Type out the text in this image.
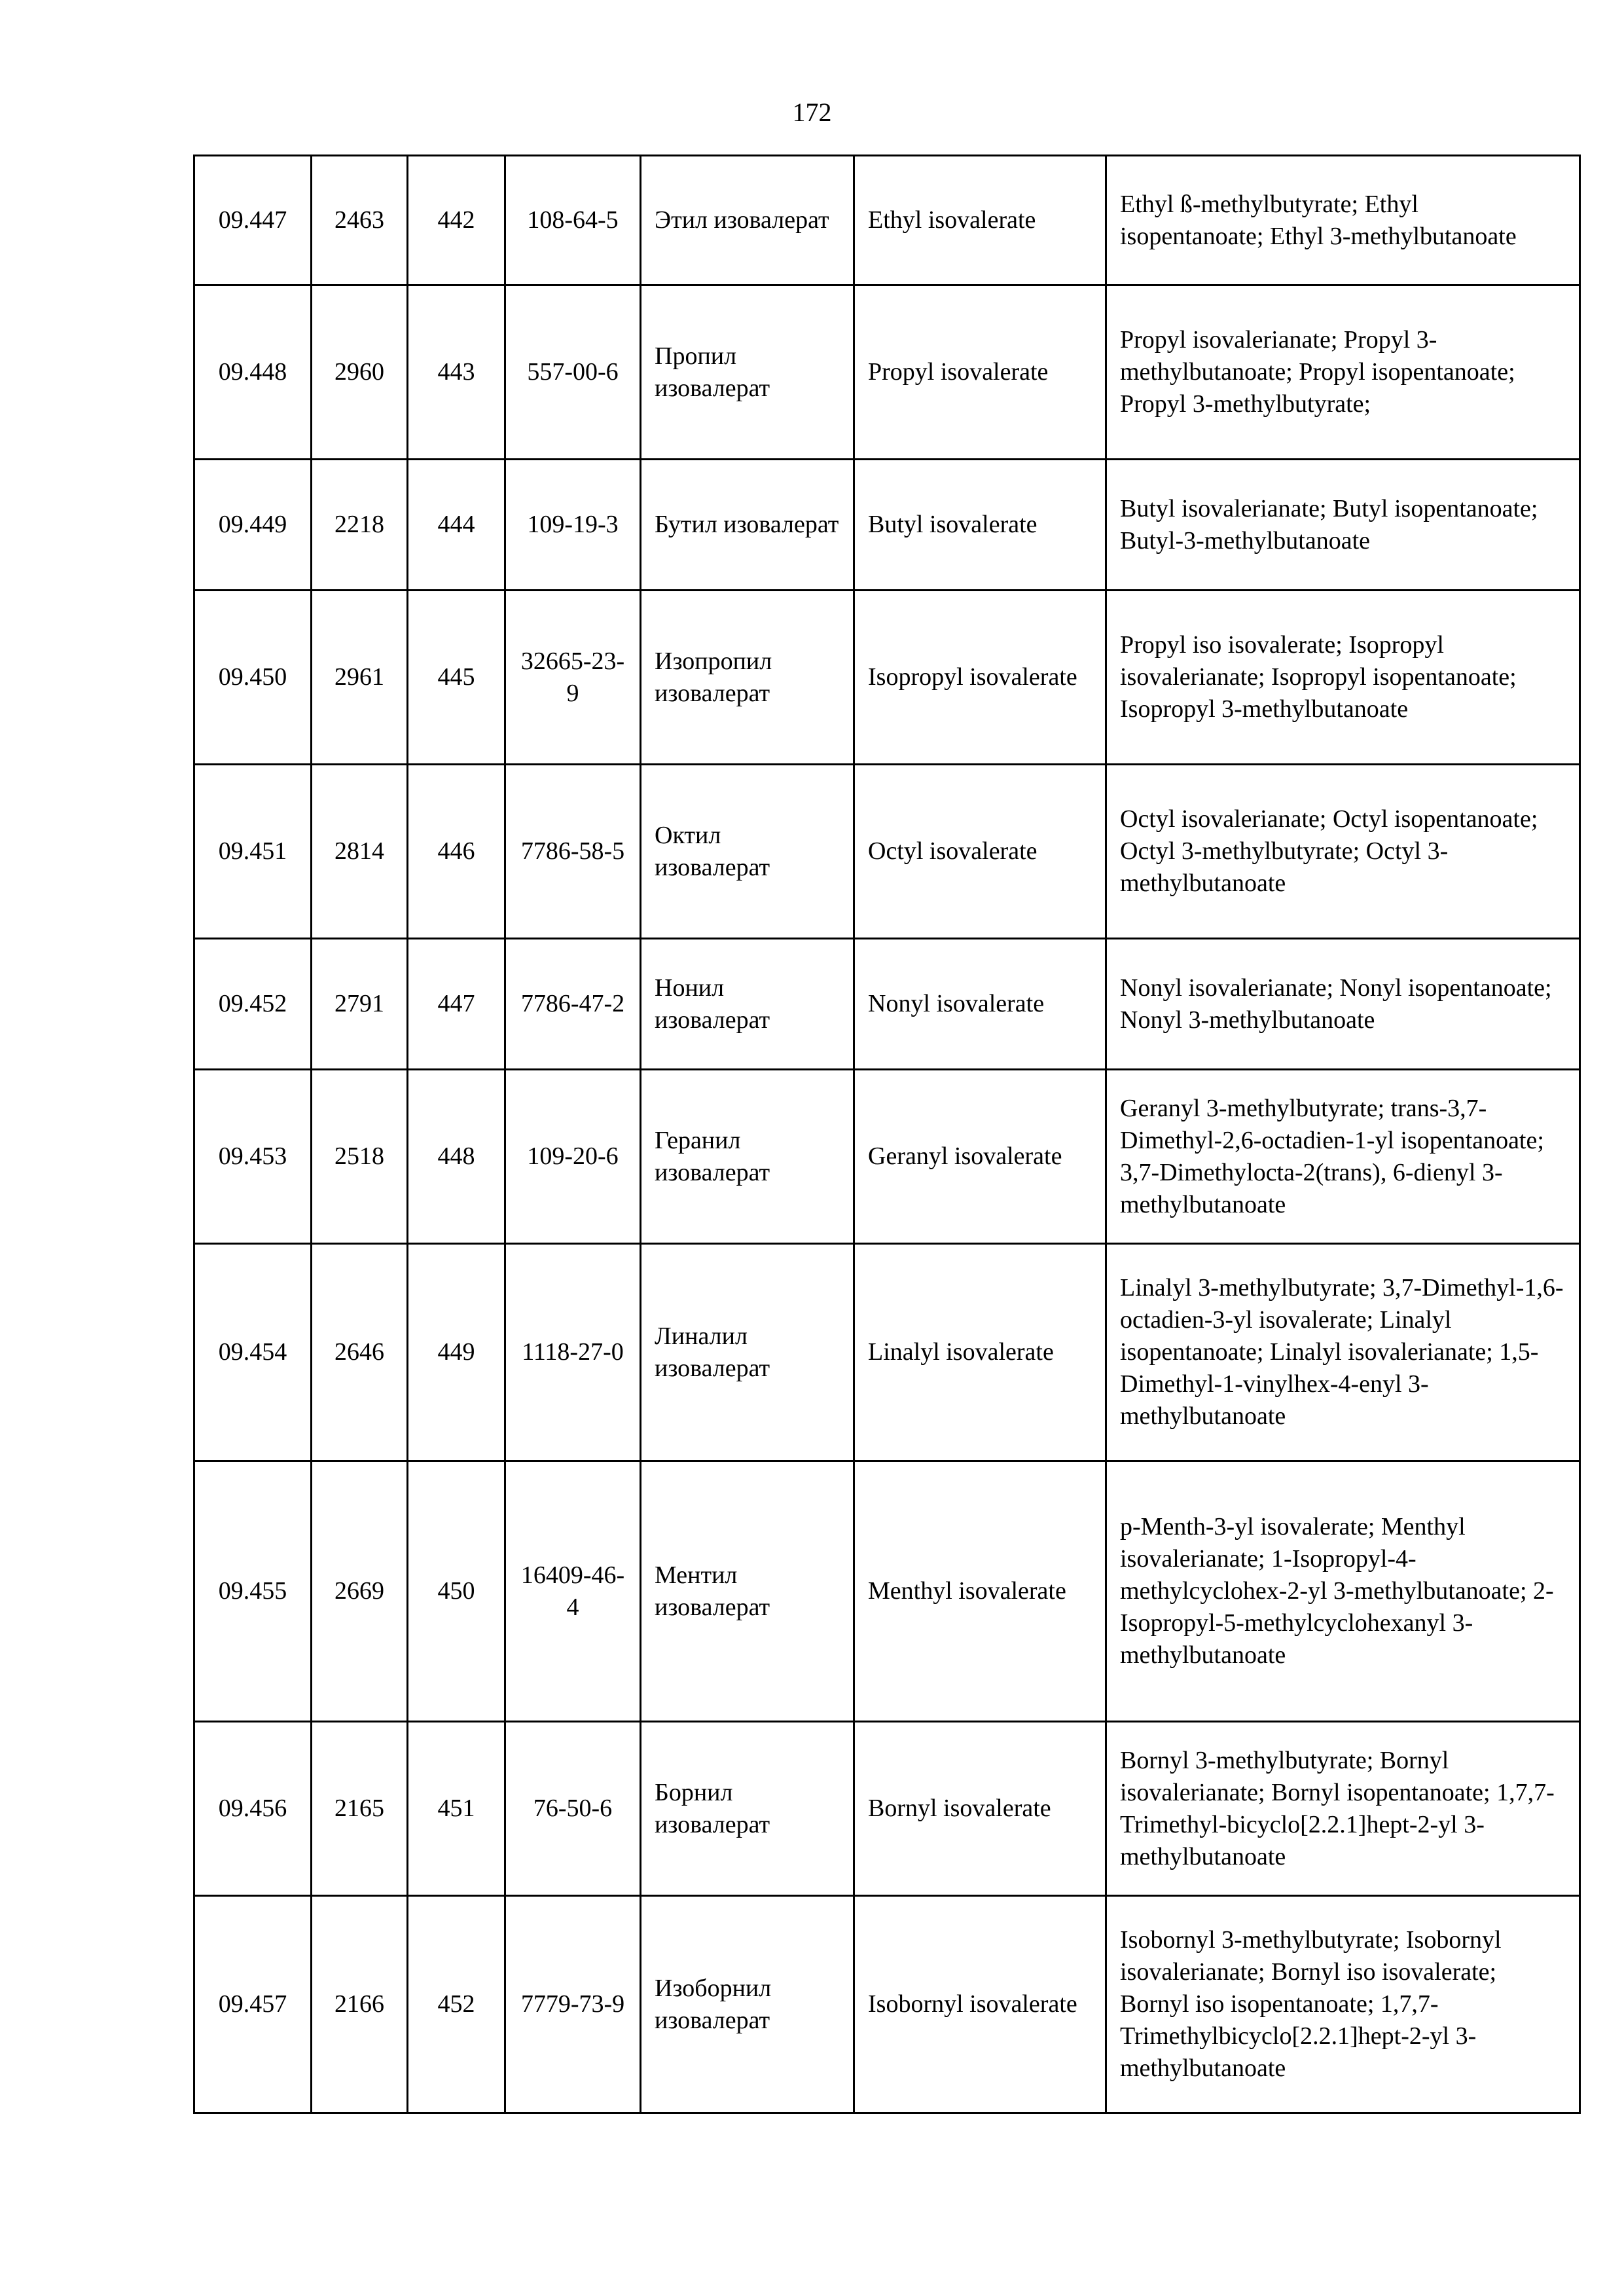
172
09.447	2463	442	108-64-5	Этил изовалерат	Ethyl isovalerate	Ethyl ß-methylbutyrate; Ethyl isopentanoate; Ethyl 3-methylbutanoate
09.448	2960	443	557-00-6	Пропил изовалерат	Propyl isovalerate	Propyl isovalerianate; Propyl 3-methylbutanoate; Propyl isopentanoate; Propyl 3-methylbutyrate;
09.449	2218	444	109-19-3	Бутил изовалерат	Butyl isovalerate	Butyl isovalerianate; Butyl isopentanoate; Butyl-3-methylbutanoate
09.450	2961	445	32665-23-9	Изопропил изовалерат	Isopropyl isovalerate	Propyl iso isovalerate; Isopropyl isovalerianate; Isopropyl isopentanoate; Isopropyl 3-methylbutanoate
09.451	2814	446	7786-58-5	Октил изовалерат	Octyl isovalerate	Octyl isovalerianate; Octyl isopentanoate; Octyl 3-methylbutyrate; Octyl 3-methylbutanoate
09.452	2791	447	7786-47-2	Нонил изовалерат	Nonyl isovalerate	Nonyl isovalerianate; Nonyl isopentanoate; Nonyl 3-methylbutanoate
09.453	2518	448	109-20-6	Геранил изовалерат	Geranyl isovalerate	Geranyl 3-methylbutyrate; trans-3,7-Dimethyl-2,6-octadien-1-yl isopentanoate; 3,7-Dimethylocta-2(trans), 6-dienyl 3-methylbutanoate
09.454	2646	449	1118-27-0	Линалил изовалерат	Linalyl isovalerate	Linalyl 3-methylbutyrate; 3,7-Dimethyl-1,6-octadien-3-yl isovalerate; Linalyl isopentanoate; Linalyl isovalerianate; 1,5-Dimethyl-1-vinylhex-4-enyl 3-methylbutanoate
09.455	2669	450	16409-46-4	Ментил изовалерат	Menthyl isovalerate	p-Menth-3-yl isovalerate; Menthyl isovalerianate; 1-Isopropyl-4-methylcyclohex-2-yl 3-methylbutanoate; 2-Isopropyl-5-methylcyclohexanyl 3-methylbutanoate
09.456	2165	451	76-50-6	Борнил изовалерат	Bornyl isovalerate	Bornyl 3-methylbutyrate; Bornyl isovalerianate; Bornyl isopentanoate; 1,7,7-Trimethyl-bicyclo[2.2.1]hept-2-yl 3-methylbutanoate
09.457	2166	452	7779-73-9	Изоборнил изовалерат	Isobornyl isovalerate	Isobornyl 3-methylbutyrate; Isobornyl isovalerianate; Bornyl iso isovalerate; Bornyl iso isopentanoate; 1,7,7-Trimethylbicyclo[2.2.1]hept-2-yl 3-methylbutanoate
